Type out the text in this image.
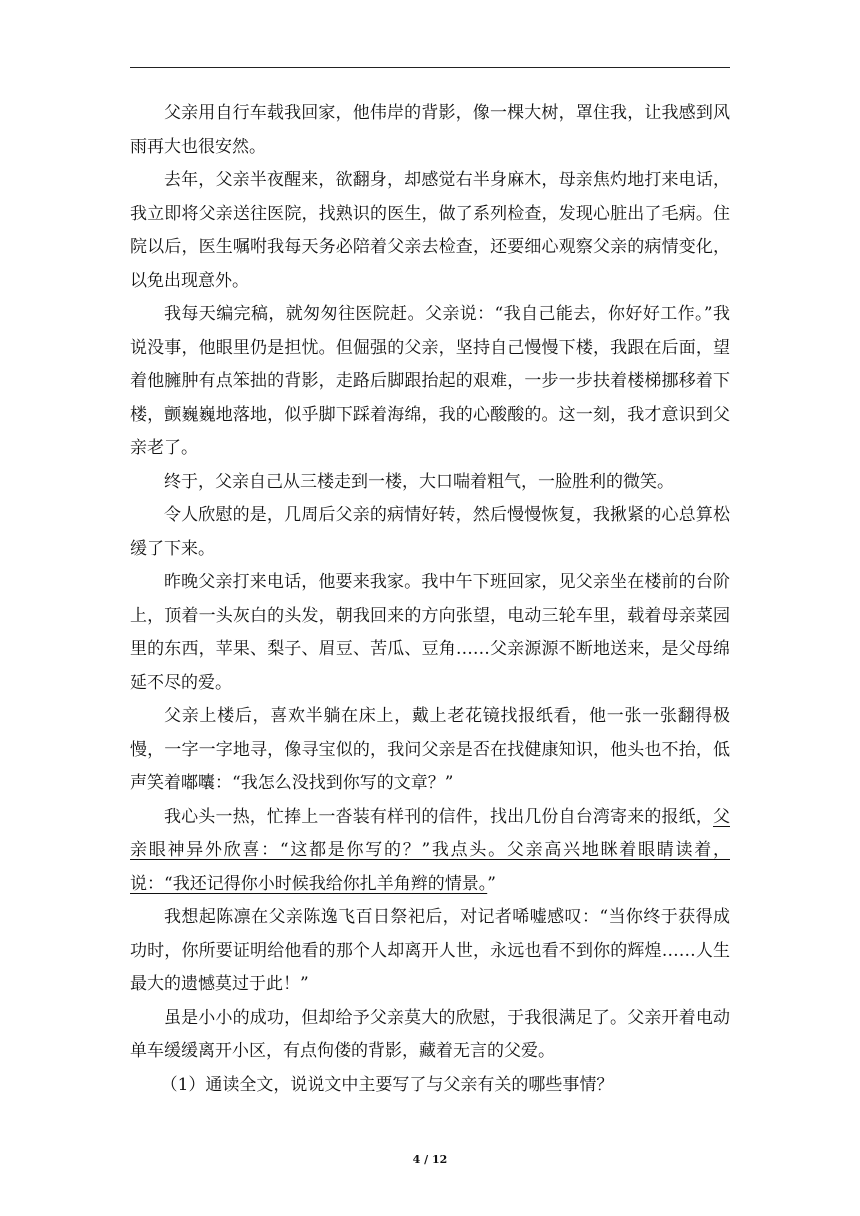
父亲用自行车载我回家，他伟岸的背影，像一棵大树，罩住我，让我感到风雨再大也很安然。

去年，父亲半夜醒来，欲翻身，却感觉右半身麻木，母亲焦灼地打来电话，我立即将父亲送往医院，找熟识的医生，做了系列检查，发现心脏出了毛病。住院以后，医生嘱咐我每天务必陪着父亲去检查，还要细心观察父亲的病情变化，以免出现意外。

我每天编完稿，就匆匆往医院赶。父亲说：“我自己能去，你好好工作。”我说没事，他眼里仍是担忧。但倔强的父亲，坚持自己慢慢下楼，我跟在后面，望着他臃肿有点笨拙的背影，走路后脚跟抬起的艰难，一步一步扶着楼梯挪移着下楼，颤巍巍地落地，似乎脚下踩着海绵，我的心酸酸的。这一刻，我才意识到父亲老了。

终于，父亲自己从三楼走到一楼，大口喘着粗气，一脸胜利的微笑。

令人欣慰的是，几周后父亲的病情好转，然后慢慢恢复，我揪紧的心总算松缓了下来。

昨晚父亲打来电话，他要来我家。我中午下班回家，见父亲坐在楼前的台阶上，顶着一头灰白的头发，朝我回来的方向张望，电动三轮车里，载着母亲菜园里的东西，苹果、梨子、眉豆、苦瓜、豆角……父亲源源不断地送来，是父母绵延不尽的爱。

父亲上楼后，喜欢半躺在床上，戴上老花镜找报纸看，他一张一张翻得极慢，一字一字地寻，像寻宝似的，我问父亲是否在找健康知识，他头也不抬，低声笑着嘟囔：“我怎么没找到你写的文章？”

我心头一热，忙捧上一沓装有样刊的信件，找出几份自台湾寄来的报纸，父亲眼神异外欣喜：“这都是你写的？”我点头。父亲高兴地眯着眼睛读着，说：“我还记得你小时候我给你扎羊角辫的情景。”

我想起陈凛在父亲陈逸飞百日祭祀后，对记者唏嘘感叹：“当你终于获得成功时，你所要证明给他看的那个人却离开人世，永远也看不到你的辉煌……人生最大的遗憾莫过于此！”

虽是小小的成功，但却给予父亲莫大的欣慰，于我很满足了。父亲开着电动单车缓缓离开小区，有点佝偻的背影，藏着无言的父爱。

（1）通读全文，说说文中主要写了与父亲有关的哪些事情？

4 / 12
